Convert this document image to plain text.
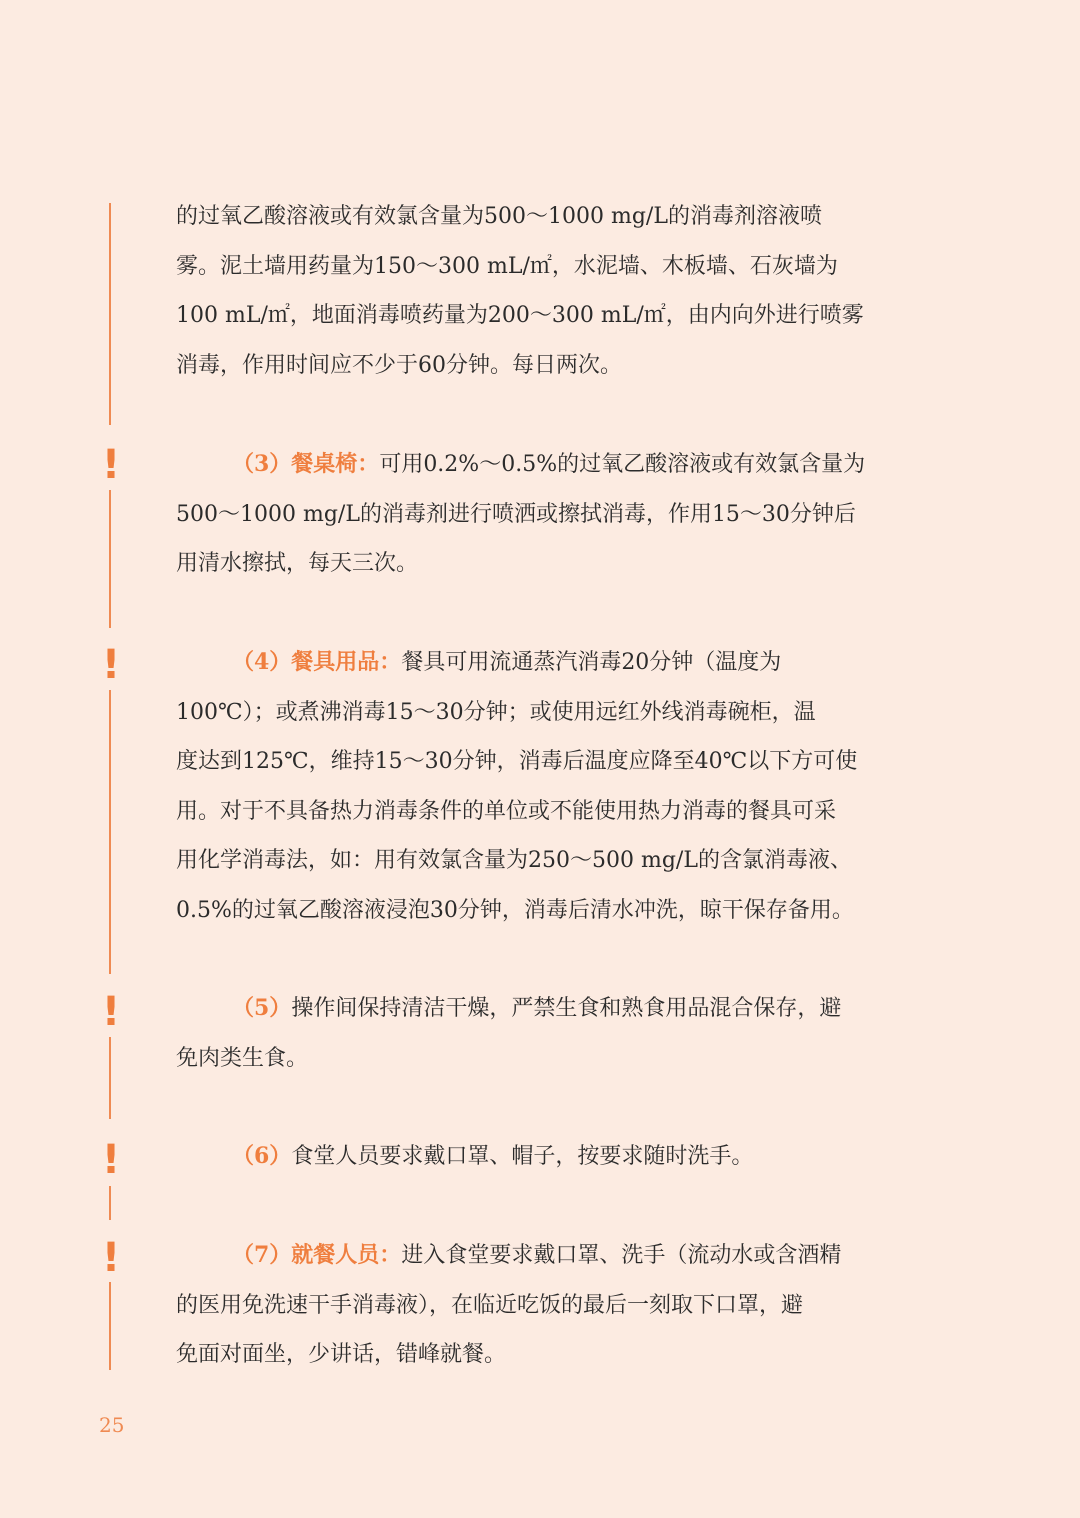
!
!
!
!
!
的过氧乙酸溶液或有效氯含量为500～1000 mg/L的消毒剂溶液喷
雾。泥土墙用药量为150～300 mL/㎡，水泥墙、木板墙、石灰墙为
100 mL/㎡，地面消毒喷药量为200～300 mL/㎡，由内向外进行喷雾
消毒，作用时间应不少于60分钟。每日两次。
（3）餐桌椅：可用0.2%～0.5%的过氧乙酸溶液或有效氯含量为
500～1000 mg/L的消毒剂进行喷洒或擦拭消毒，作用15～30分钟后
用清水擦拭，每天三次。
（4）餐具用品：餐具可用流通蒸汽消毒20分钟（温度为
100℃）；或煮沸消毒15～30分钟；或使用远红外线消毒碗柜，温
度达到125℃，维持15～30分钟，消毒后温度应降至40℃以下方可使
用。对于不具备热力消毒条件的单位或不能使用热力消毒的餐具可采
用化学消毒法，如：用有效氯含量为250～500 mg/L的含氯消毒液、
0.5%的过氧乙酸溶液浸泡30分钟，消毒后清水冲洗，晾干保存备用。
（5）操作间保持清洁干燥，严禁生食和熟食用品混合保存，避
免肉类生食。
（6）食堂人员要求戴口罩、帽子，按要求随时洗手。
（7）就餐人员：进入食堂要求戴口罩、洗手（流动水或含酒精
的医用免洗速干手消毒液），在临近吃饭的最后一刻取下口罩，避
免面对面坐，少讲话，错峰就餐。
25
